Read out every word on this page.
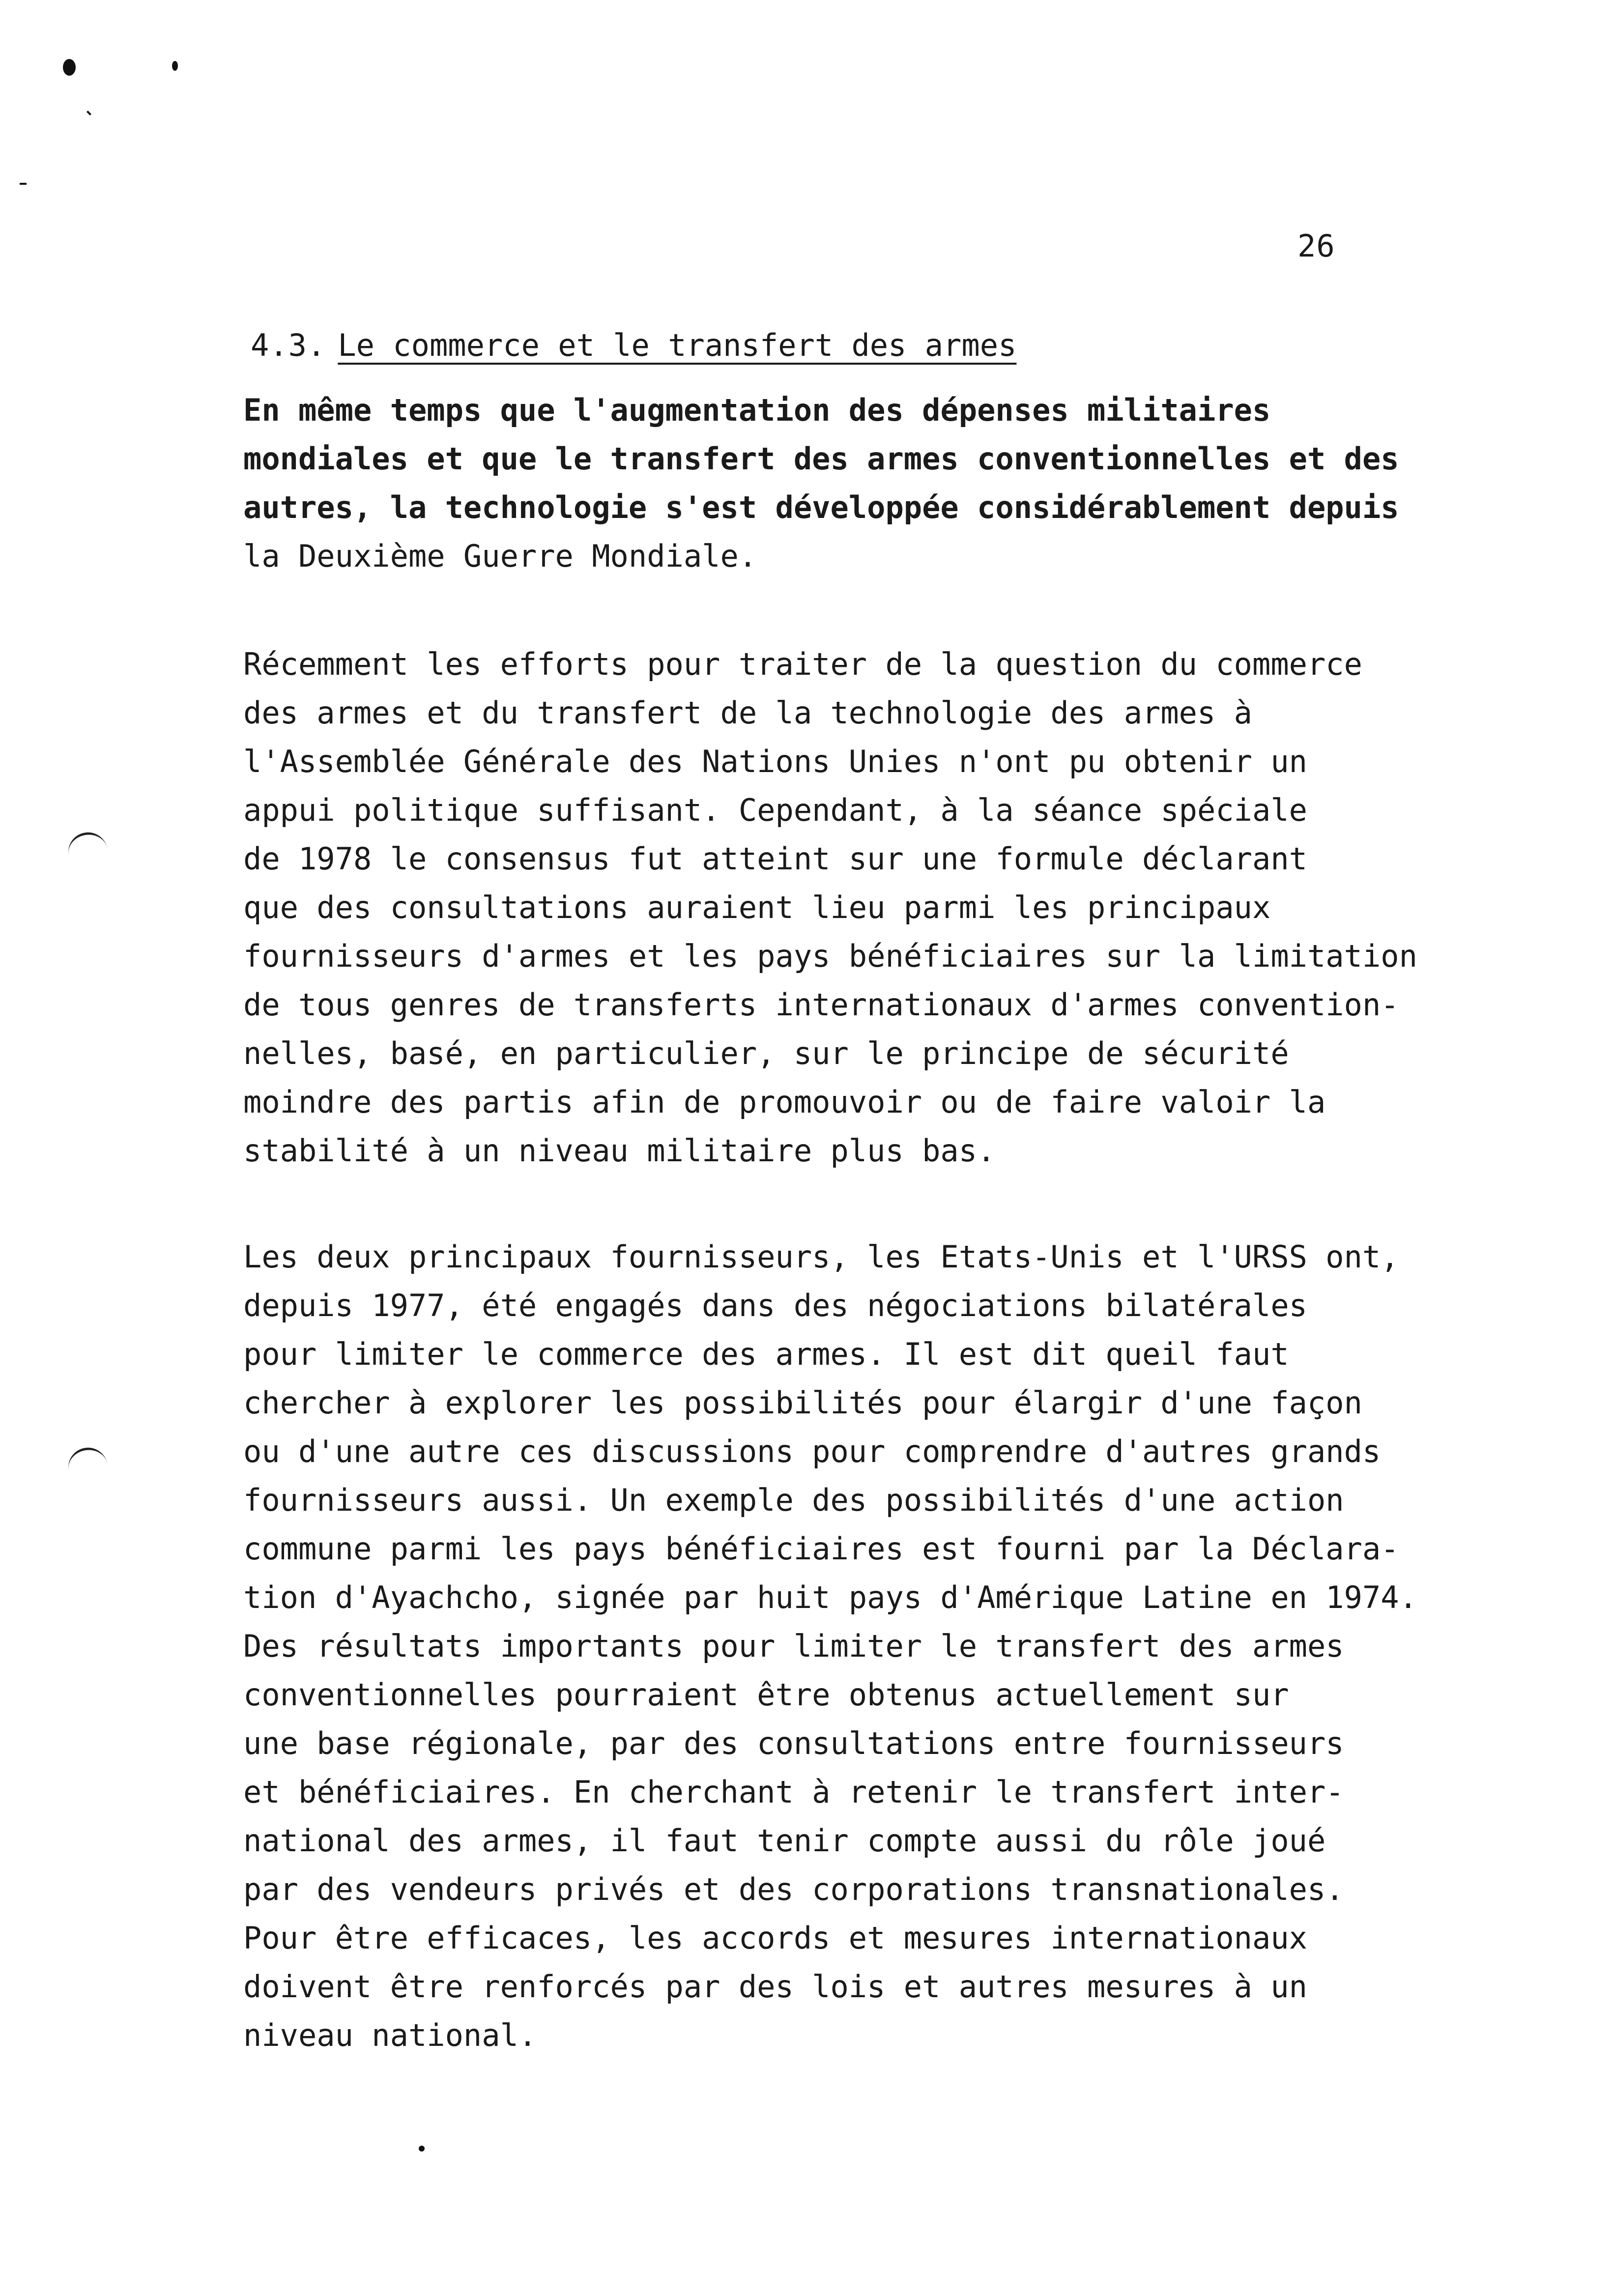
26
4.3. Le commerce et le transfert des armes
En même temps que l'augmentation des dépenses militaires
mondiales et que le transfert des armes conventionnelles et des
autres, la technologie s'est développée considérablement depuis
la Deuxième Guerre Mondiale.
Récemment les efforts pour traiter de la question du commerce
des armes et du transfert de la technologie des armes à
l'Assemblée Générale des Nations Unies n'ont pu obtenir un
appui politique suffisant. Cependant, à la séance spéciale
de 1978 le consensus fut atteint sur une formule déclarant
que des consultations auraient lieu parmi les principaux
fournisseurs d'armes et les pays bénéficiaires sur la limitation
de tous genres de transferts internationaux d'armes convention-
nelles, basé, en particulier, sur le principe de sécurité
moindre des partis afin de promouvoir ou de faire valoir la
stabilité à un niveau militaire plus bas.
Les deux principaux fournisseurs, les Etats-Unis et l'URSS ont,
depuis 1977, été engagés dans des négociations bilatérales
pour limiter le commerce des armes. Il est dit queil faut
chercher à explorer les possibilités pour élargir d'une façon
ou d'une autre ces discussions pour comprendre d'autres grands
fournisseurs aussi. Un exemple des possibilités d'une action
commune parmi les pays bénéficiaires est fourni par la Déclara-
tion d'Ayachcho, signée par huit pays d'Amérique Latine en 1974.
Des résultats importants pour limiter le transfert des armes
conventionnelles pourraient être obtenus actuellement sur
une base régionale, par des consultations entre fournisseurs
et bénéficiaires. En cherchant à retenir le transfert inter-
national des armes, il faut tenir compte aussi du rôle joué
par des vendeurs privés et des corporations transnationales.
Pour être efficaces, les accords et mesures internationaux
doivent être renforcés par des lois et autres mesures à un
niveau national.
